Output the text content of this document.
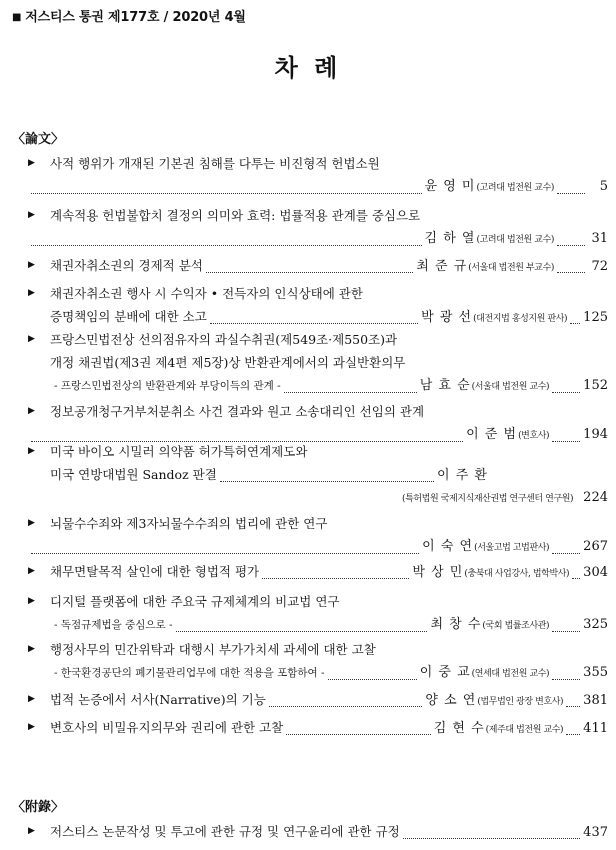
■ 저스티스 통권 제177호 / 2020년 4월
차 례
〈論文〉
▶	사적 행위가 개재된 기본권 침해를 다투는 비진형적 헌법소원
윤 영 미 (고려대 법전원 교수)	5
▶	계속적용 헌법불합치 결정의 의미와 효력: 법률적용 관계를 중심으로
김 하 열 (고려대 법전원 교수)	31
▶	채권자취소권의 경제적 분석	최 준 규 (서울대 법전원 부교수)	72
▶	채권자취소권 행사 시 수익자 • 전득자의 인식상태에 관한
증명책임의 분배에 대한 소고	박 광 선 (대전지법 홍성지원 판사) 125
▶	프랑스민법전상 선의점유자의 과실수취권(제549조·제550조)과
개정 채권법(제3권 제4편 제5장)상 반환관계에서의 과실반환의무
- 프랑스민법전상의 반환관계와 부당이득의 관계 -	남 효 순 (서울대 법전원 교수)	152
▶	정보공개청구거부처분취소 사건 결과와 원고 소송대리인 선임의 관계
이 준 범 (변호사)	194
▶	미국 바이오 시밀러 의약품 허가특허연계제도와
미국 연방대법원 Sandoz 판결	이 주 환
(특허법원 국제지식재산권법 연구센터 연구원) 224
▶	뇌물수수죄와 제3자뇌물수수죄의 법리에 관한 연구
이 숙 연 (서울고법 고법판사)	267
▶	채무면탈목적 살인에 대한 형법적 평가	박 상 민 (충북대 사업강사, 법학박사) 304
▶	디지털 플랫폼에 대한 주요국 규제체계의 비교법 연구
- 독점규제법을 중심으로 -	최 창 수 (국회 법률조사관)	325
▶	행정사무의 민간위탁과 대행시 부가가치세 과세에 대한 고찰
- 한국환경공단의 폐기물관리업무에 대한 적용을 포함하여 -	이 중 교 (연세대 법전원 교수)	355
▶	법적 논증에서 서사(Narrative)의 기능	양 소 연 (법무법인 광장 변호사) 381
▶	변호사의 비밀유지의무와 권리에 관한 고찰	김 현 수 (제주대 법전원 교수) 411
〈附錄〉
▶	저스티스 논문작성 및 투고에 관한 규정 및 연구윤리에 관한 규정	437
